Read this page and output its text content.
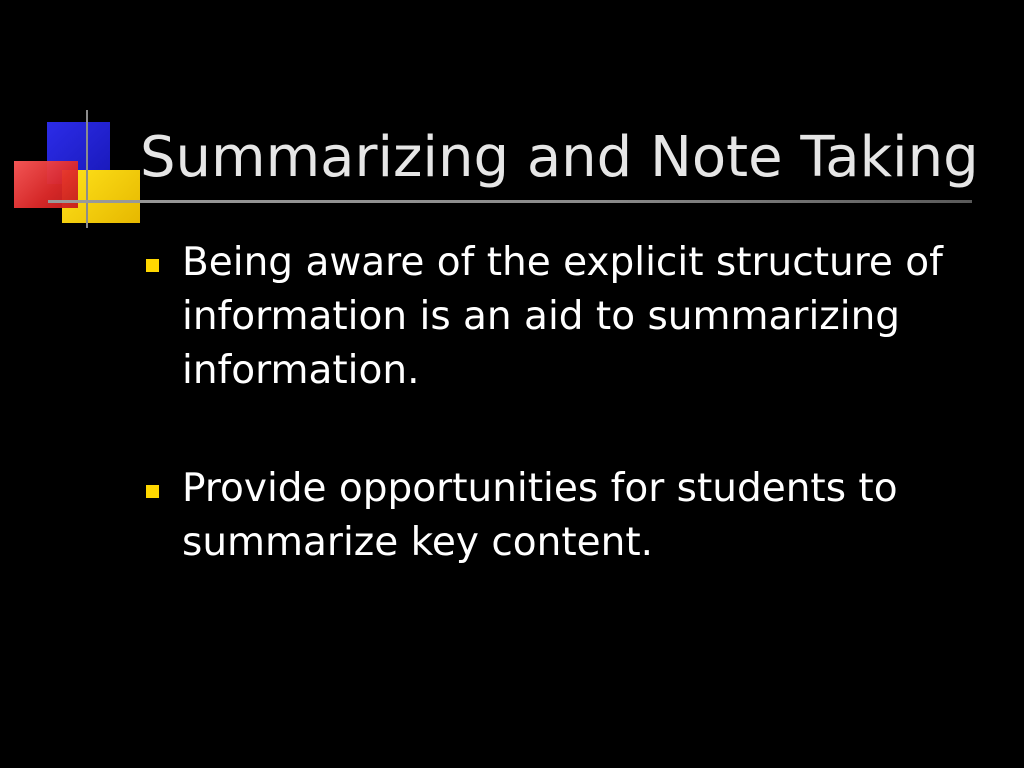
Summarizing and Note Taking
Being aware of the explicit structure of information is an aid to summarizing information.
Provide opportunities for students to summarize key content.
